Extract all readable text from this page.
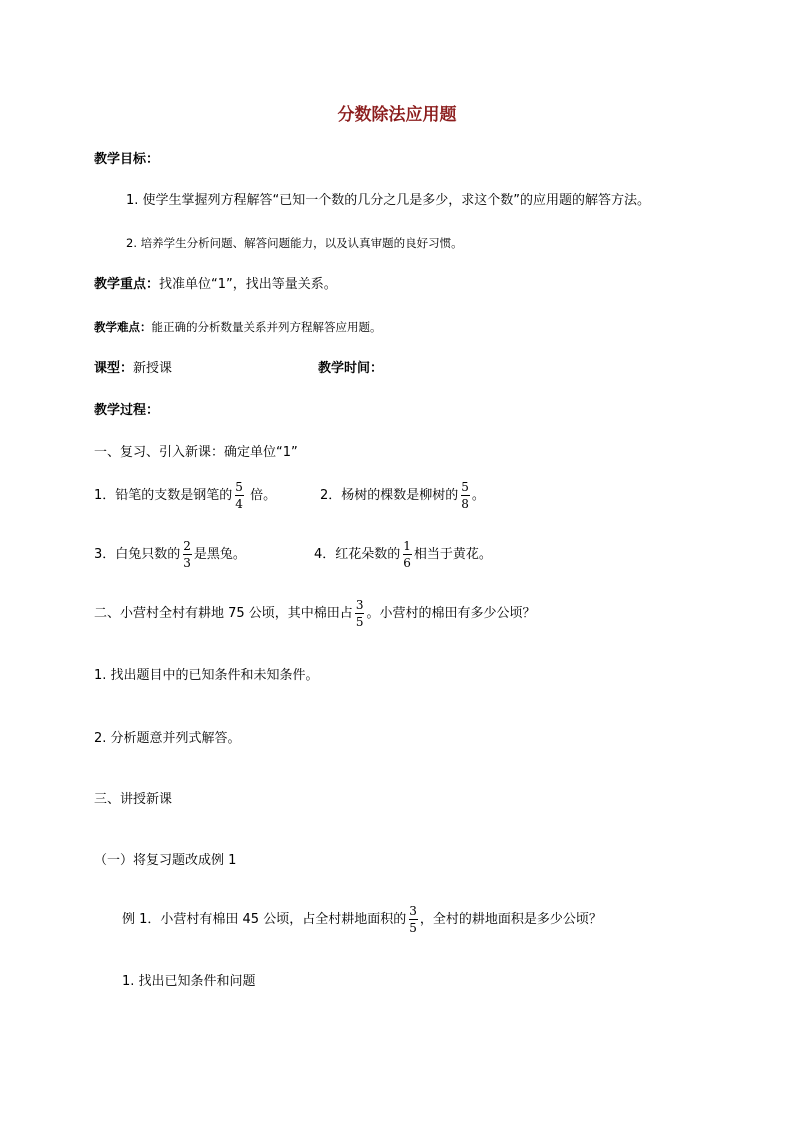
分数除法应用题
教学目标：
1. 使学生掌握列方程解答“已知一个数的几分之几是多少，求这个数”的应用题的解答方法。
2. 培养学生分析问题、解答问题能力，以及认真审题的良好习惯。
教学重点：找准单位“1”，找出等量关系。
教学难点：能正确的分析数量关系并列方程解答应用题。
课型：新授课	教学时间：
教学过程：
一、复习、引入新课：确定单位“1”
1．铅笔的支数是钢笔的 $\frac{5}{4}$ 倍。	2．杨树的棵数是柳树的 $\frac{5}{8}$ 。
3．白兔只数的 $\frac{2}{3}$ 是黑兔。	4．红花朵数的 $\frac{1}{6}$ 相当于黄花。
二、小营村全村有耕地 75 公顷，其中棉田占 $\frac{3}{5}$ 。小营村的棉田有多少公顷？
1. 找出题目中的已知条件和未知条件。
2. 分析题意并列式解答。
三、讲授新课
（一）将复习题改成例 1
例 1．小营村有棉田 45 公顷，占全村耕地面积的 $\frac{3}{5}$ ，全村的耕地面积是多少公顷？
1. 找出已知条件和问题
